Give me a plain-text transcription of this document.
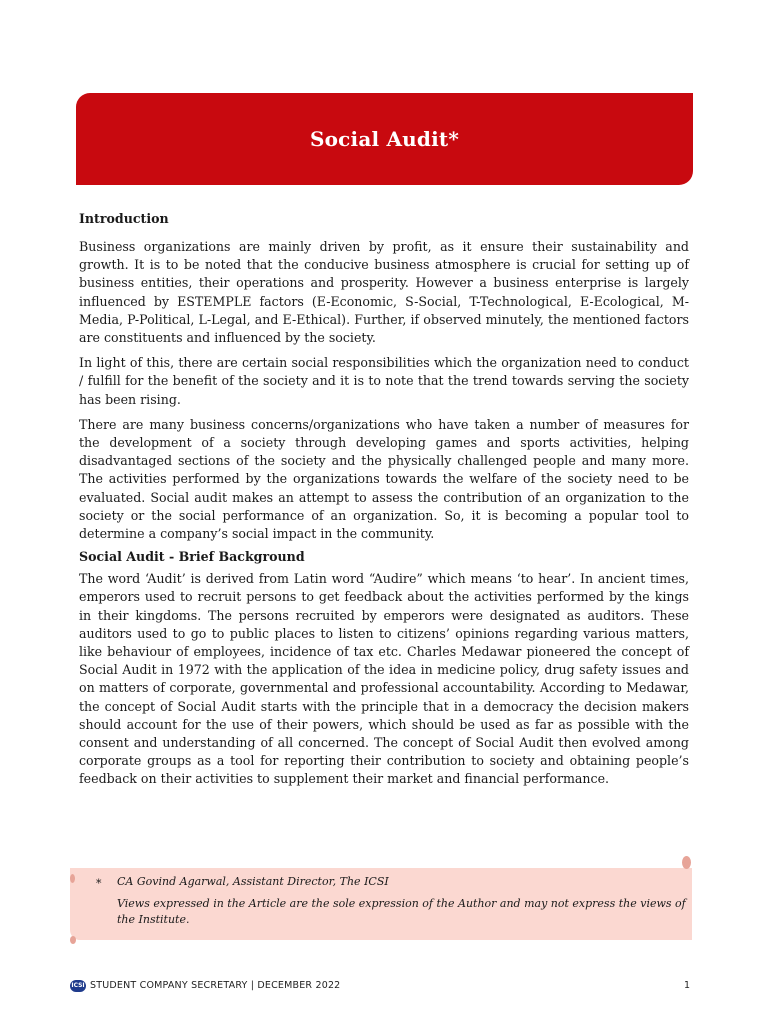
Social Audit*
Introduction

Business organizations are mainly driven by profit, as it ensure their sustainability and growth. It is to be noted that the conducive business atmosphere is crucial for setting up of business entities, their operations and prosperity. However a business enterprise is largely influenced by ESTEMPLE factors (E-Economic, S-Social, T-Technological, E-Ecological, M-Media, P-Political, L-Legal, and E-Ethical). Further, if observed minutely, the mentioned factors are constituents and influenced by the society.

In light of this, there are certain social responsibilities which the organization need to conduct / fulfill for the benefit of the society and it is to note that the trend towards serving the society has been rising.

There are many business concerns/organizations who have taken a number of measures for the development of a society through developing games and sports activities, helping disadvantaged sections of the society and the physically challenged people and many more. The activities performed by the organizations towards the welfare of the society need to be evaluated. Social audit makes an attempt to assess the contribution of an organization to the society or the social performance of an organization. So, it is becoming a popular tool to determine a company’s social impact in the community.

Social Audit - Brief Background

The word ‘Audit’ is derived from Latin word “Audire” which means ‘to hear’. In ancient times, emperors used to recruit persons to get feedback about the activities performed by the kings in their kingdoms. The persons recruited by emperors were designated as auditors. These auditors used to go to public places to listen to citizens’ opinions regarding various matters, like behaviour of employees, incidence of tax etc. Charles Medawar pioneered the concept of Social Audit in 1972 with the application of the idea in medicine policy, drug safety issues and on matters of corporate, governmental and professional accountability. According to Medawar, the concept of Social Audit starts with the principle that in a democracy the decision makers should account for the use of their powers, which should be used as far as possible with the consent and understanding of all concerned. The concept of Social Audit then evolved among corporate groups as a tool for reporting their contribution to society and obtaining people’s feedback on their activities to supplement their market and financial performance.

* CA Govind Agarwal, Assistant Director, The ICSI
Views expressed in the Article are the sole expression of the Author and may not express the views of the Institute.
ICSI STUDENT COMPANY SECRETARY | DECEMBER 2022	1
